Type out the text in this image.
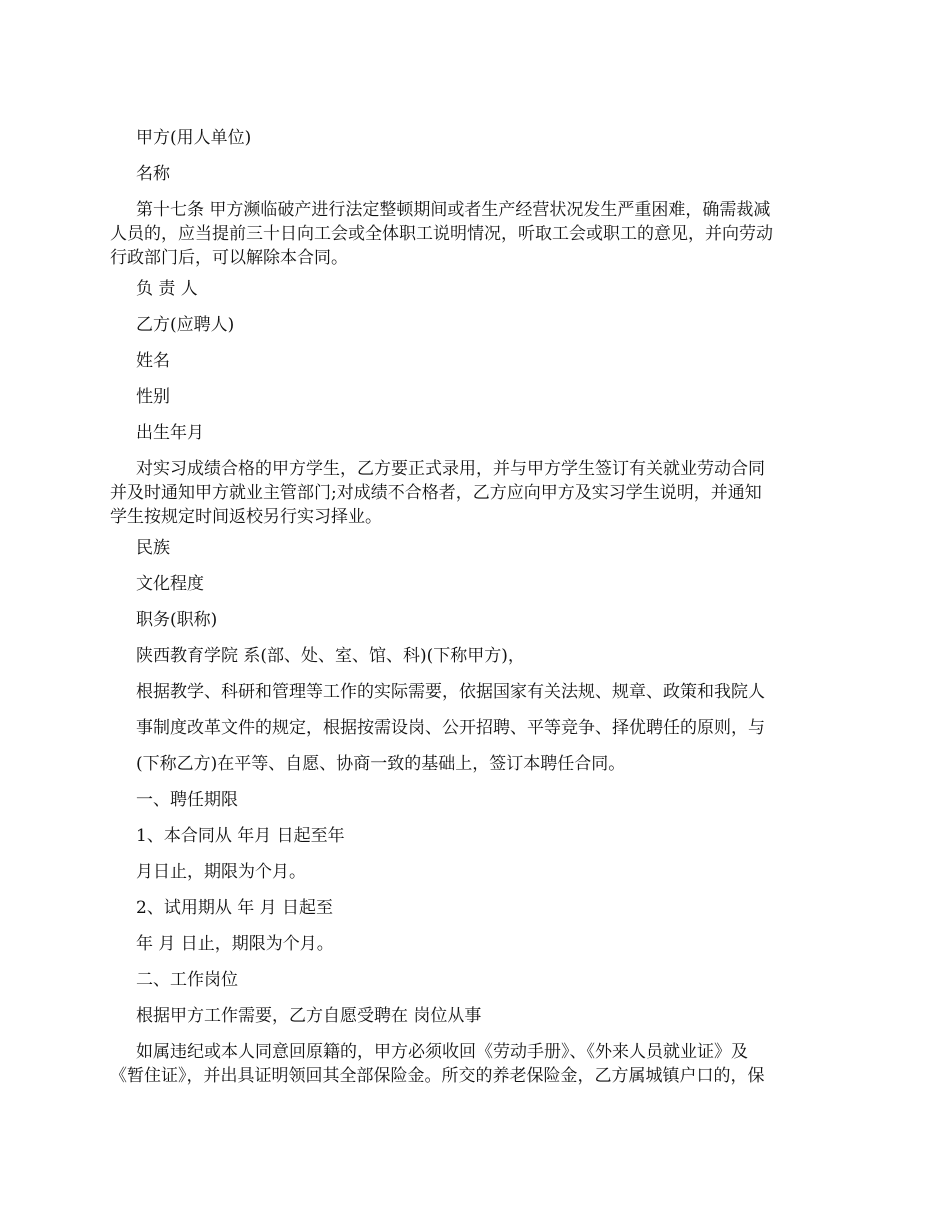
甲方(用人单位)

名称

第十七条 甲方濒临破产进行法定整顿期间或者生产经营状况发生严重困难，确需裁减
人员的，应当提前三十日向工会或全体职工说明情况，听取工会或职工的意见，并向劳动
行政部门后，可以解除本合同。

负 责 人

乙方(应聘人)

姓名

性别

出生年月

对实习成绩合格的甲方学生，乙方要正式录用，并与甲方学生签订有关就业劳动合同
并及时通知甲方就业主管部门;对成绩不合格者，乙方应向甲方及实习学生说明，并通知
学生按规定时间返校另行实习择业。

民族

文化程度

职务(职称)

陕西教育学院 系(部、处、室、馆、科)(下称甲方)，

根据教学、科研和管理等工作的实际需要，依据国家有关法规、规章、政策和我院人

事制度改革文件的规定，根据按需设岗、公开招聘、平等竞争、择优聘任的原则，与

(下称乙方)在平等、自愿、协商一致的基础上，签订本聘任合同。

一、聘任期限

1、本合同从 年月 日起至年

月日止，期限为个月。

2、试用期从 年 月 日起至

年 月 日止，期限为个月。

二、工作岗位

根据甲方工作需要，乙方自愿受聘在 岗位从事

如属违纪或本人同意回原籍的，甲方必须收回《劳动手册》、《外来人员就业证》及
《暂住证》，并出具证明领回其全部保险金。所交的养老保险金，乙方属城镇户口的，保
